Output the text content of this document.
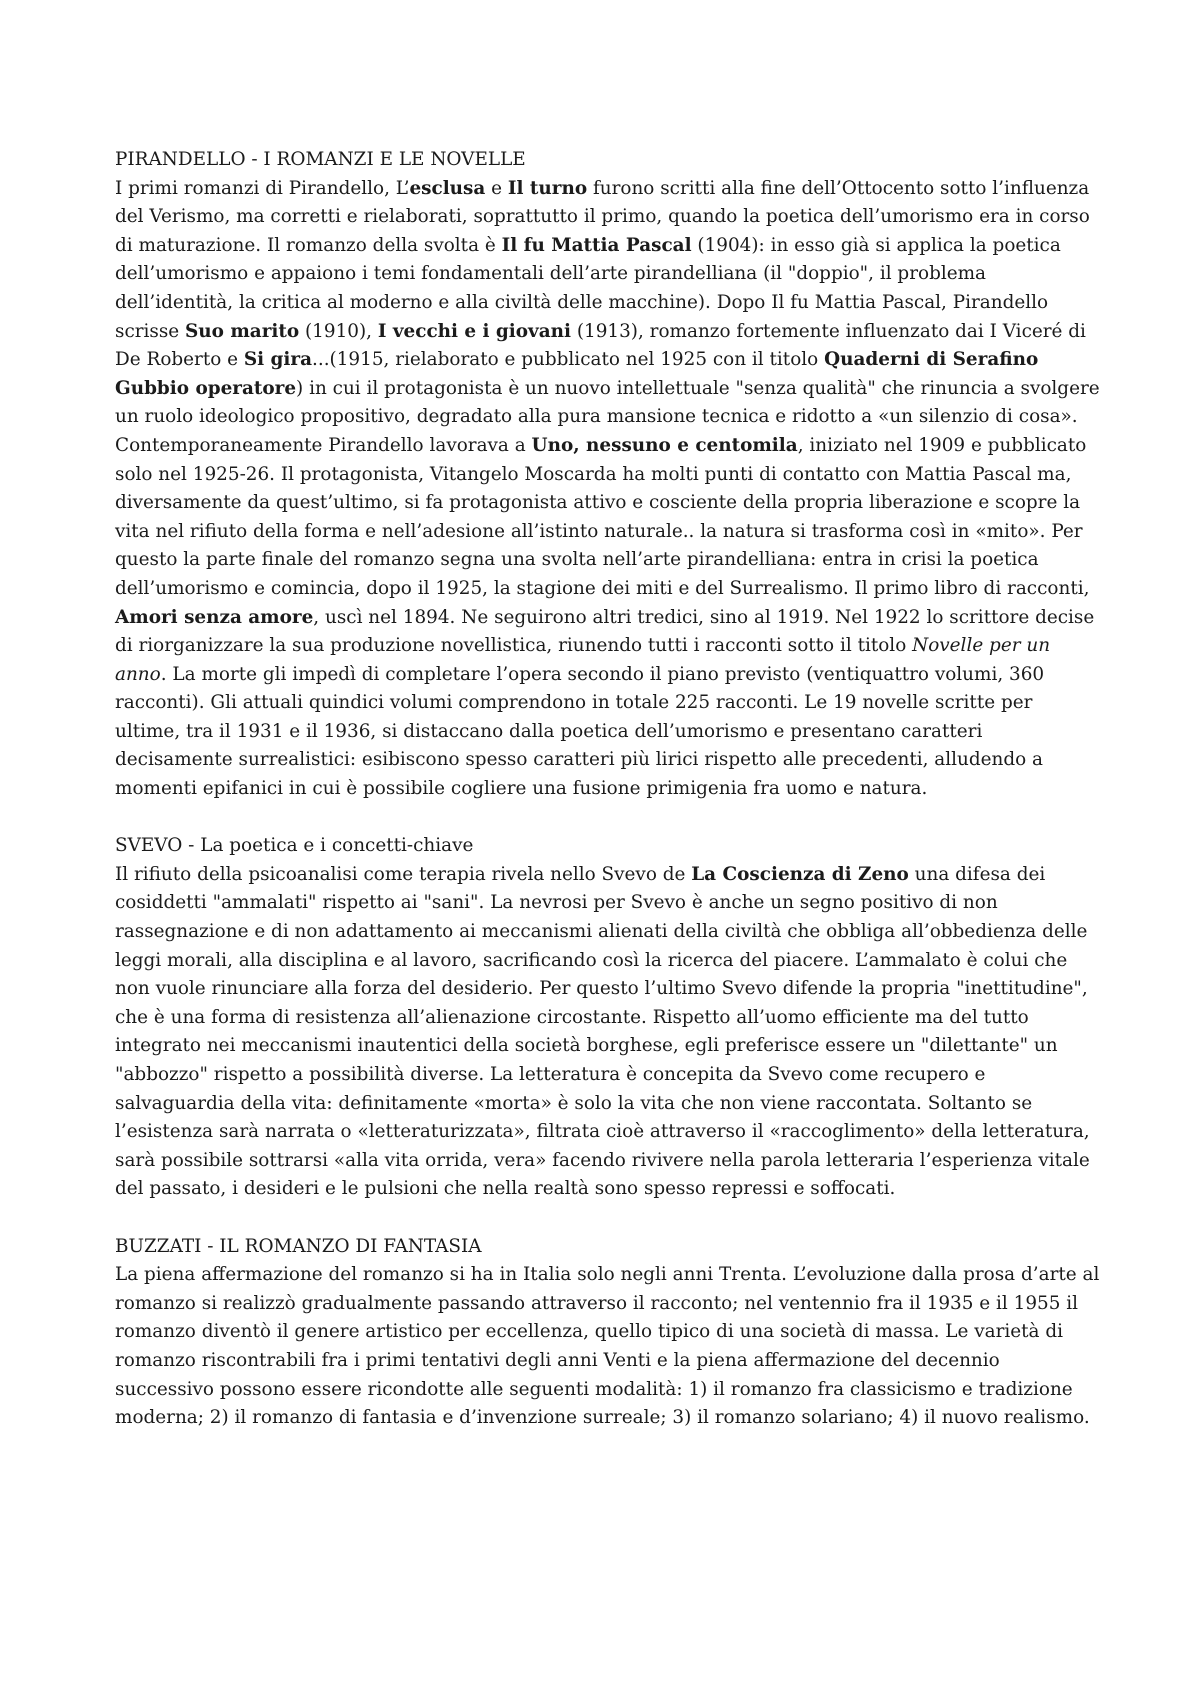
PIRANDELLO - I ROMANZI E LE NOVELLE
I primi romanzi di Pirandello, L’esclusa e Il turno furono scritti alla fine dell’Ottocento sotto l’influenza del Verismo, ma corretti e rielaborati, soprattutto il primo, quando la poetica dell’umorismo era in corso di maturazione. Il romanzo della svolta è Il fu Mattia Pascal (1904): in esso già si applica la poetica dell’umorismo e appaiono i temi fondamentali dell’arte pirandelliana (il "doppio", il problema dell’identità, la critica al moderno e alla civiltà delle macchine). Dopo Il fu Mattia Pascal, Pirandello scrisse Suo marito (1910), I vecchi e i giovani (1913), romanzo fortemente influenzato dai I Viceré di De Roberto e Si gira...(1915, rielaborato e pubblicato nel 1925 con il titolo Quaderni di Serafino Gubbio operatore) in cui il protagonista è un nuovo intellettuale "senza qualità" che rinuncia a svolgere un ruolo ideologico propositivo, degradato alla pura mansione tecnica e ridotto a «un silenzio di cosa». Contemporaneamente Pirandello lavorava a Uno, nessuno e centomila, iniziato nel 1909 e pubblicato solo nel 1925-26. Il protagonista, Vitangelo Moscarda ha molti punti di contatto con Mattia Pascal ma, diversamente da quest’ultimo, si fa protagonista attivo e cosciente della propria liberazione e scopre la vita nel rifiuto della forma e nell’adesione all’istinto naturale.. la natura si trasforma così in «mito». Per questo la parte finale del romanzo segna una svolta nell’arte pirandelliana: entra in crisi la poetica dell’umorismo e comincia, dopo il 1925, la stagione dei miti e del Surrealismo. Il primo libro di racconti, Amori senza amore, uscì nel 1894. Ne seguirono altri tredici, sino al 1919. Nel 1922 lo scrittore decise di riorganizzare la sua produzione novellistica, riunendo tutti i racconti sotto il titolo Novelle per un anno. La morte gli impedì di completare l’opera secondo il piano previsto (ventiquattro volumi, 360 racconti). Gli attuali quindici volumi comprendono in totale 225 racconti. Le 19 novelle scritte per ultime, tra il 1931 e il 1936, si distaccano dalla poetica dell’umorismo e presentano caratteri decisamente surrealistici: esibiscono spesso caratteri più lirici rispetto alle precedenti, alludendo a momenti epifanici in cui è possibile cogliere una fusione primigenia fra uomo e natura.
SVEVO - La poetica e i concetti-chiave
Il rifiuto della psicoanalisi come terapia rivela nello Svevo de La Coscienza di Zeno una difesa dei cosiddetti "ammalati" rispetto ai "sani". La nevrosi per Svevo è anche un segno positivo di non rassegnazione e di non adattamento ai meccanismi alienati della civiltà che obbliga all’obbedienza delle leggi morali, alla disciplina e al lavoro, sacrificando così la ricerca del piacere. L’ammalato è colui che non vuole rinunciare alla forza del desiderio. Per questo l’ultimo Svevo difende la propria "inettitudine", che è una forma di resistenza all’alienazione circostante. Rispetto all’uomo efficiente ma del tutto integrato nei meccanismi inautentici della società borghese, egli preferisce essere un "dilettante" un "abbozzo" rispetto a possibilità diverse. La letteratura è concepita da Svevo come recupero e salvaguardia della vita: definitamente «morta» è solo la vita che non viene raccontata. Soltanto se l’esistenza sarà narrata o «letteraturizzata», filtrata cioè attraverso il «raccoglimento» della letteratura, sarà possibile sottrarsi «alla vita orrida, vera» facendo rivivere nella parola letteraria l’esperienza vitale del passato, i desideri e le pulsioni che nella realtà sono spesso repressi e soffocati.
BUZZATI - IL ROMANZO DI FANTASIA
La piena affermazione del romanzo si ha in Italia solo negli anni Trenta. L’evoluzione dalla prosa d’arte al romanzo si realizzò gradualmente passando attraverso il racconto; nel ventennio fra il 1935 e il 1955 il romanzo diventò il genere artistico per eccellenza, quello tipico di una società di massa. Le varietà di romanzo riscontrabili fra i primi tentativi degli anni Venti e la piena affermazione del decennio successivo possono essere ricondotte alle seguenti modalità: 1) il romanzo fra classicismo e tradizione moderna; 2) il romanzo di fantasia e d’invenzione surreale; 3) il romanzo solariano; 4) il nuovo realismo.
